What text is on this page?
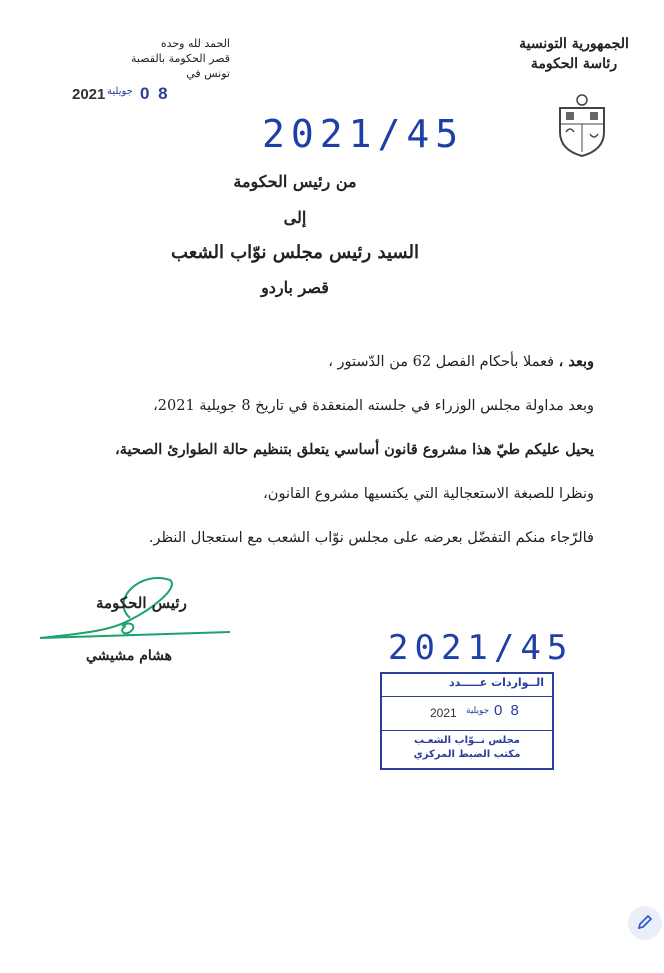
الجمهورية التونسية
رئاسة الحكومة
الحمد لله وحده
قصر الحكومة بالقصبة
تونس في
2021 جويلية 0 8
2021/45
من رئيس الحكومة
إلى
السيد رئيس مجلس نوّاب الشعب
قصر باردو
وبعد ، فعملا بأحكام الفصل 62 من الدّستور ،
وبعد مداولة مجلس الوزراء في جلسته المنعقدة في تاريخ 8 جويلية 2021،
يحيل عليكم طيّ هذا مشروع قانون أساسي يتعلق بتنظيم حالة الطوارئ الصحية،
ونظرا للصبغة الاستعجالية التي يكتسيها مشروع القانون،
فالرّجاء منكم التفضّل بعرضه على مجلس نوّاب الشعب مع استعجال النظر.
رئيس الحكومة
هشام مشيشي	2021/45
الــواردات عـــــدد
2021 جويلية 0 8
مجلس نــوّاب الشعـب
مكتب الضبط المركزي
